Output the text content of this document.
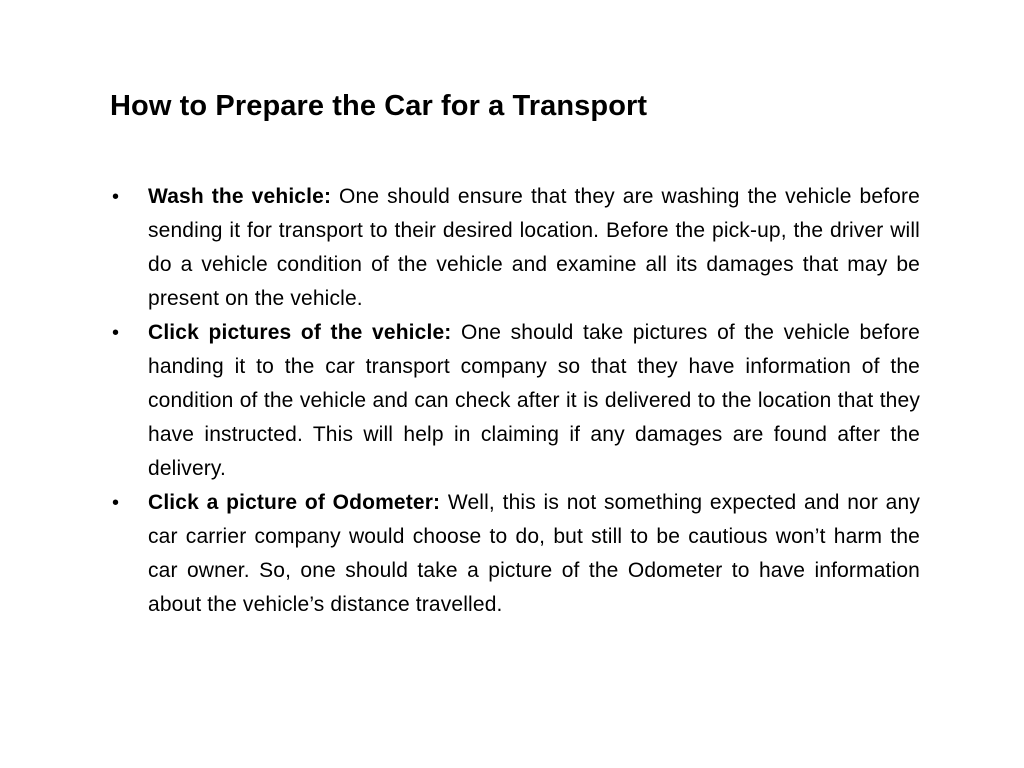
How to Prepare the Car for a Transport
• Wash the vehicle: One should ensure that they are washing the vehicle before sending it for transport to their desired location. Before the pick-up, the driver will do a vehicle condition of the vehicle and examine all its damages that may be present on the vehicle.
• Click pictures of the vehicle: One should take pictures of the vehicle before handing it to the car transport company so that they have information of the condition of the vehicle and can check after it is delivered to the location that they have instructed. This will help in claiming if any damages are found after the delivery.
• Click a picture of Odometer: Well, this is not something expected and nor any car carrier company would choose to do, but still to be cautious won’t harm the car owner. So, one should take a picture of the Odometer to have information about the vehicle’s distance travelled.
